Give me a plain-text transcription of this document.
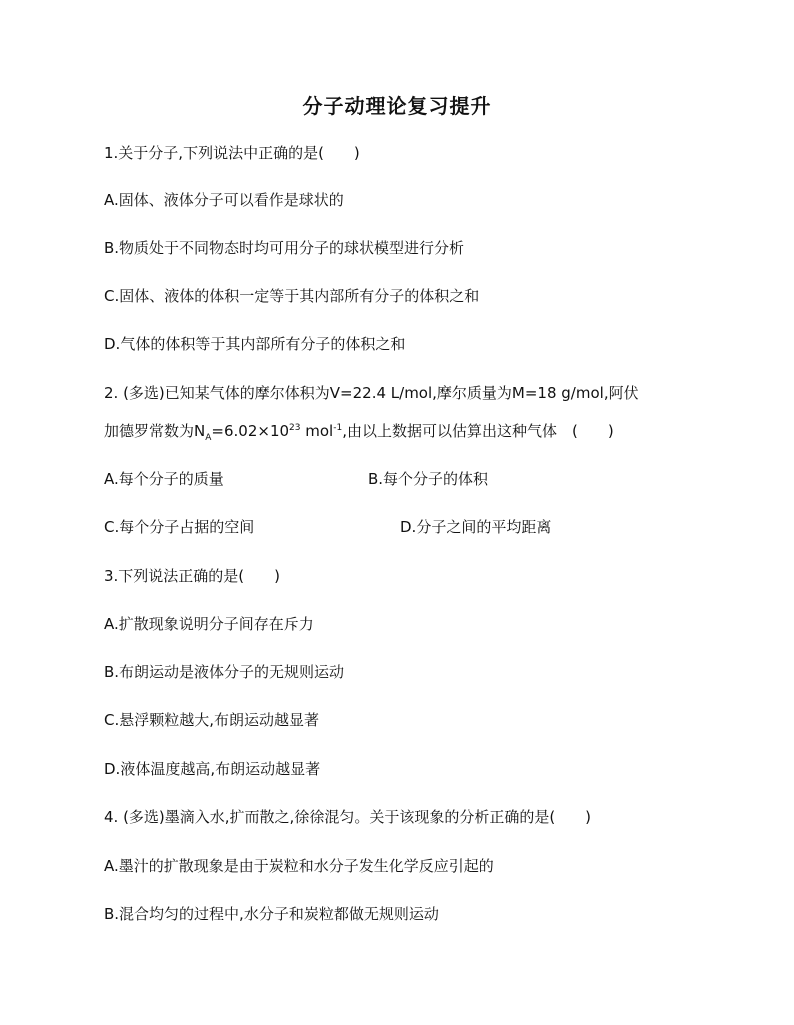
分子动理论复习提升
1.关于分子,下列说法中正确的是(　　)
A.固体、液体分子可以看作是球状的
B.物质处于不同物态时均可用分子的球状模型进行分析
C.固体、液体的体积一定等于其内部所有分子的体积之和
D.气体的体积等于其内部所有分子的体积之和
2. (多选)已知某气体的摩尔体积为V=22.4 L/mol,摩尔质量为M=18 g/mol,阿伏
加德罗常数为$N_A=6.02\times 10^{23}$ mol$^{-1}$,由以上数据可以估算出这种气体　(　　)
A.每个分子的质量	B.每个分子的体积
C.每个分子占据的空间	D.分子之间的平均距离
3.下列说法正确的是(　　)
A.扩散现象说明分子间存在斥力
B.布朗运动是液体分子的无规则运动
C.悬浮颗粒越大,布朗运动越显著
D.液体温度越高,布朗运动越显著
4. (多选)墨滴入水,扩而散之,徐徐混匀。关于该现象的分析正确的是(　　)
A.墨汁的扩散现象是由于炭粒和水分子发生化学反应引起的
B.混合均匀的过程中,水分子和炭粒都做无规则运动
